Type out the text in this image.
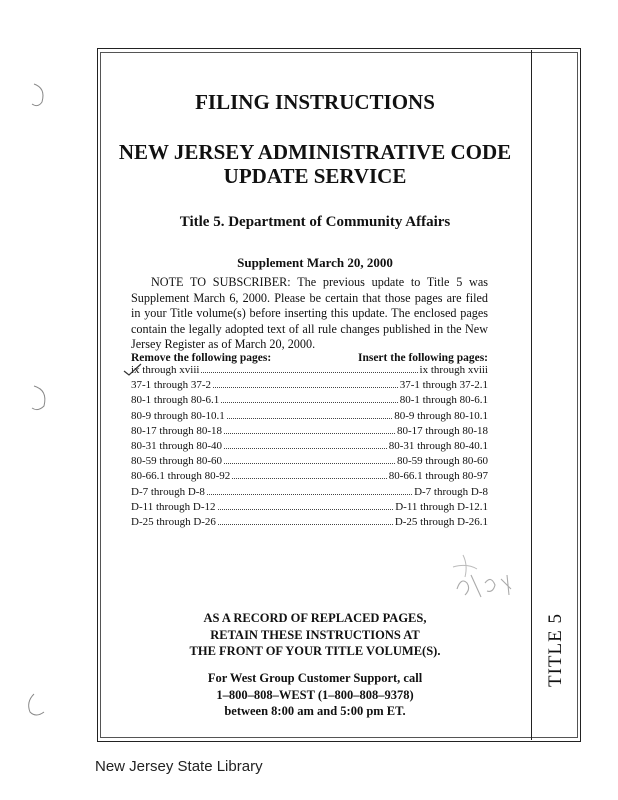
TITLE 5
FILING INSTRUCTIONS
NEW JERSEY ADMINISTRATIVE CODE
UPDATE SERVICE
Title 5. Department of Community Affairs
Supplement March 20, 2000
NOTE TO SUBSCRIBER: The previous update to Title 5 was Supplement March 6, 2000. Please be certain that those pages are filed in your Title volume(s) before inserting this update. The enclosed pages contain the legally adopted text of all rule changes published in the New Jersey Register as of March 20, 2000.
Remove the following pages:	Insert the following pages:
ix through xviii	ix through xviii
37-1 through 37-2	37-1 through 37-2.1
80-1 through 80-6.1	80-1 through 80-6.1
80-9 through 80-10.1	80-9 through 80-10.1
80-17 through 80-18	80-17 through 80-18
80-31 through 80-40	80-31 through 80-40.1
80-59 through 80-60	80-59 through 80-60
80-66.1 through 80-92	80-66.1 through 80-97
D-7 through D-8	D-7 through D-8
D-11 through D-12	D-11 through D-12.1
D-25 through D-26	D-25 through D-26.1
AS A RECORD OF REPLACED PAGES,
RETAIN THESE INSTRUCTIONS AT
THE FRONT OF YOUR TITLE VOLUME(S).
For West Group Customer Support, call
1–800–808–WEST (1–800–808–9378)
between 8:00 am and 5:00 pm ET.
New Jersey State Library
